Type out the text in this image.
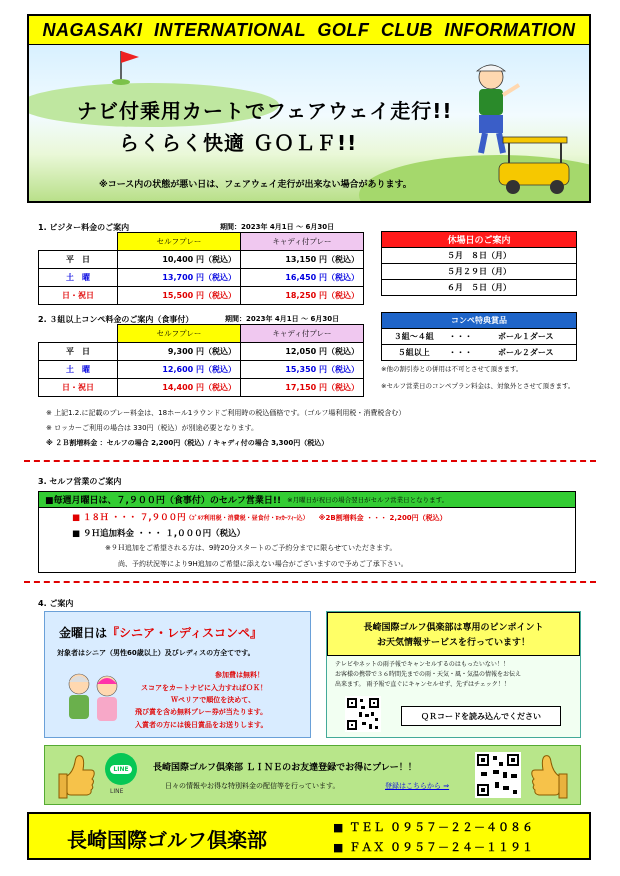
NAGASAKI INTERNATIONAL GOLF CLUB INFORMATION
ナビ付乗用カートでフェアウェイ走行!!
らくらく快適 ＧＯＬＦ!!
※コース内の状態が悪い日は、フェアウェイ走行が出来ない場合があります。
1. ビジター料金のご案内	期間：2023年 4月1日 ～ 6月30日
	セルフプレー	キャディ付プレー
平　日	10,400 円（税込）	13,150 円（税込）
土　曜	13,700 円（税込）	16,450 円（税込）
日・祝日	15,500 円（税込）	18,250 円（税込）
休場日のご案内
５月　８日（月）
５月２９日（月）
６月　５日（月）
2. ３組以上コンペ料金のご案内（食事付）	期間：2023年 4月1日 ～ 6月30日
	セルフプレー	キャディ付プレー
平　日	9,300 円（税込）	12,050 円（税込）
土　曜	12,600 円（税込）	15,350 円（税込）
日・祝日	14,400 円（税込）	17,150 円（税込）
コンペ特典賞品		
３組～４組	・・・	ボール１ダース
５組以上	・・・	ボール２ダース
※他の割引券との併用は不可とさせて頂きます。
※セルフ営業日のコンペプラン料金は、対象外とさせて頂きます。
※ 上記1.2.に記載のプレー料金は、18ホール1ラウンドご利用時の税込価格です。（ゴルフ場利用税・消費税含む）
※ ロッカーご利用の場合は 330円（税込）が別途必要となります。
※ ２Ｂ割増料金 ：セルフの場合 2,200円（税込）/ キャディ付の場合 3,300円（税込）
3. セルフ営業のご案内
■毎週月曜日は、７,９００円（食事付）のセルフ営業日!! ※月曜日が祝日の場合翌日がセルフ営業日となります。
■ １８Ｈ ・・・ ７,９００円（ｺﾞﾙﾌ利用税・消費税・昼食付・ﾛｯｶｰﾌｨｰ込） ※2B割増料金 ・・・ 2,200円（税込）
■ ９Ｈ追加料金 ・・・ １,０００円（税込）
※９Ｈ追加をご希望される方は、9時20分スタートのご予約分までに限らせていただきます。
尚、予約状況等により9H追加のご希望に添えない場合がございますので予めご了承下さい。
4. ご案内
金曜日は『シニア・レディスコンペ』
対象者はシニア（男性60歳以上）及びレディスの方全てです。
参加費は無料！
スコアをカートナビに入力すればＯＫ！
Ｗペリアで順位を決めて、
飛び賞を含め無料プレー券が当たります。
入賞者の方には後日賞品をお送りします。
長崎国際ゴルフ倶楽部は専用のピンポイント
お天気情報サービスを行っています！
テレビやネットの雨予報でキャンセルするのはもったいない！！
お客様の携帯で３６時間先までの雨・天気・風・気温の情報をお伝え
出来ます。 雨予報で直ぐにキャンセルせず、先ずはチェック！！
ＱＲコードを読み込んでください
LINE
LINE
長崎国際ゴルフ倶楽部 ＬＩＮＥのお友達登録でお得にプレー！！
日々の情報やお得な特別料金の配信等を行っています。	登録はこちらから ⇒
長崎国際ゴルフ倶楽部
■ ＴＥＬ ０９５７－２２－４０８６
■ ＦＡＸ ０９５７－２４－１１９１
